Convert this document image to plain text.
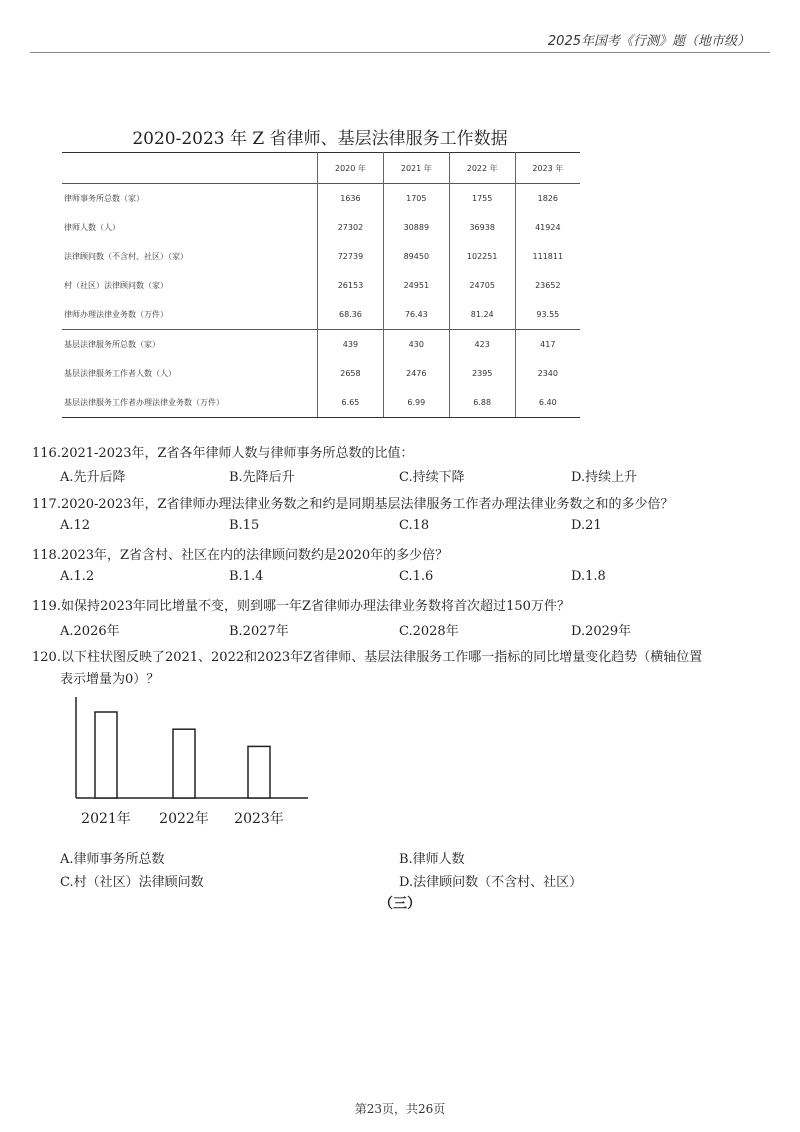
2025年国考《行测》题（地市级）
2020-2023 年 Z 省律师、基层法律服务工作数据
	2020 年	2021 年	2022 年	2023 年
律师事务所总数（家）	1636	1705	1755	1826
律师人数（人）	27302	30889	36938	41924
法律顾问数（不含村、社区）（家）	72739	89450	102251	111811
村（社区）法律顾问数（家）	26153	24951	24705	23652
律师办理法律业务数（万件）	68.36	76.43	81.24	93.55
基层法律服务所总数（家）	439	430	423	417
基层法律服务工作者人数（人）	2658	2476	2395	2340
基层法律服务工作者办理法律业务数（万件）	6.65	6.99	6.88	6.40
116.2021-2023年，Z省各年律师人数与律师事务所总数的比值：
A.先升后降	B.先降后升	C.持续下降	D.持续上升
117.2020-2023年，Z省律师办理法律业务数之和约是同期基层法律服务工作者办理法律业务数之和的多少倍？
A.12	B.15	C.18	D.21
118.2023年，Z省含村、社区在内的法律顾问数约是2020年的多少倍？
A.1.2	B.1.4	C.1.6	D.1.8
119.如保持2023年同比增量不变，则到哪一年Z省律师办理法律业务数将首次超过150万件？
A.2026年	B.2027年	C.2028年	D.2029年
120.以下柱状图反映了2021、2022和2023年Z省律师、基层法律服务工作哪一指标的同比增量变化趋势（横轴位置
表示增量为0）？
2021年 2022年 2023年
A.律师事务所总数	B.律师人数
C.村（社区）法律顾问数	D.法律顾问数（不含村、社区）
（三）
第23页，共26页
